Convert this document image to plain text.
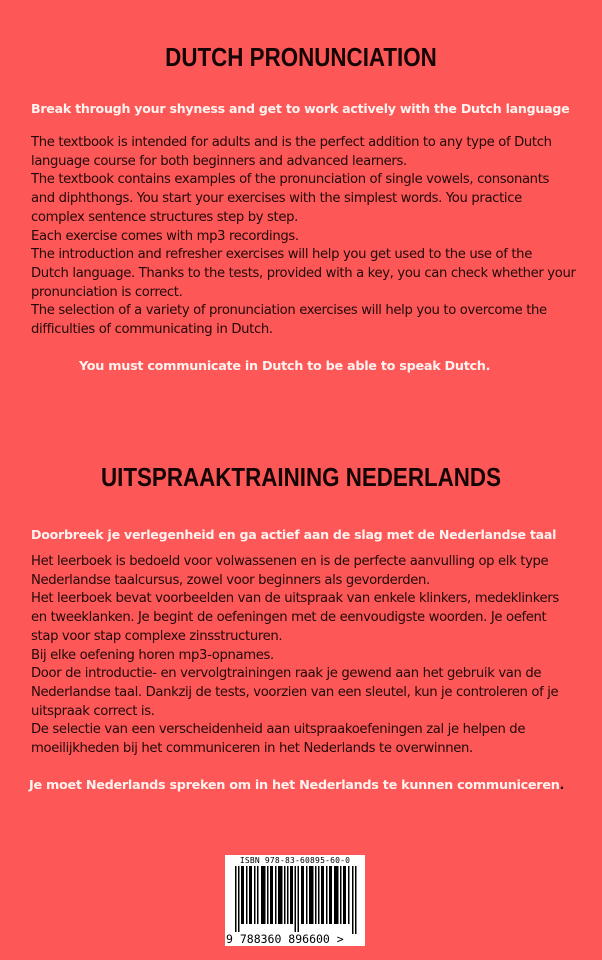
DUTCH PRONUNCIATION
Break through your shyness and get to work actively with the Dutch language
The textbook is intended for adults and is the perfect addition to any type of Dutch
language course for both beginners and advanced learners.
The textbook contains examples of the pronunciation of single vowels, consonants
and diphthongs. You start your exercises with the simplest words. You practice
complex sentence structures step by step.
Each exercise comes with mp3 recordings.
The introduction and refresher exercises will help you get used to the use of the
Dutch language. Thanks to the tests, provided with a key, you can check whether your
pronunciation is correct.
The selection of a variety of pronunciation exercises will help you to overcome the
difficulties of communicating in Dutch.
You must communicate in Dutch to be able to speak Dutch.
UITSPRAAKTRAINING NEDERLANDS
Doorbreek je verlegenheid en ga actief aan de slag met de Nederlandse taal
Het leerboek is bedoeld voor volwassenen en is de perfecte aanvulling op elk type
Nederlandse taalcursus, zowel voor beginners als gevorderden.
Het leerboek bevat voorbeelden van de uitspraak van enkele klinkers, medeklinkers
en tweeklanken. Je begint de oefeningen met de eenvoudigste woorden. Je oefent
stap voor stap complexe zinsstructuren.
Bij elke oefening horen mp3-opnames.
Door de introductie- en vervolgtrainingen raak je gewend aan het gebruik van de
Nederlandse taal. Dankzij de tests, voorzien van een sleutel, kun je controleren of je
uitspraak correct is.
De selectie van een verscheidenheid aan uitspraakoefeningen zal je helpen de
moeilijkheden bij het communiceren in het Nederlands te overwinnen.
Je moet Nederlands spreken om in het Nederlands te kunnen communiceren.
ISBN 978-83-60895-60-0
9 788360 896600 >
